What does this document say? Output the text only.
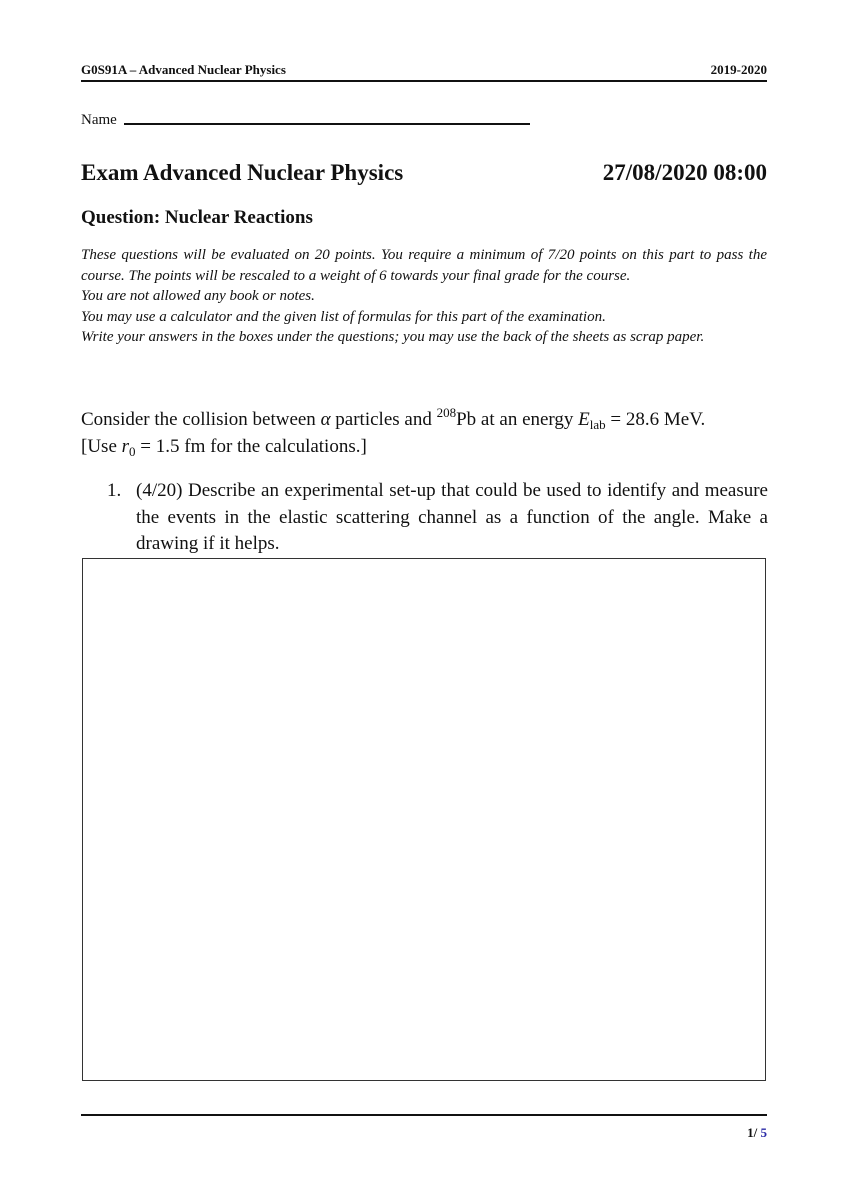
G0S91A – Advanced Nuclear Physics	2019-2020
Name
Exam Advanced Nuclear Physics	27/08/2020 08:00
Question: Nuclear Reactions

These questions will be evaluated on 20 points. You require a minimum of 7/20 points on this part to pass the course. The points will be rescaled to a weight of 6 towards your final grade for the course.

You are not allowed any book or notes.

You may use a calculator and the given list of formulas for this part of the examination.

Write your answers in the boxes under the questions; you may use the back of the sheets as scrap paper.

Consider the collision between α particles and $^{208}$Pb at an energy $E_{lab} = 28.6$ MeV.

[Use $r_0 = 1.5$ fm for the calculations.]

1. (4/20) Describe an experimental set-up that could be used to identify and measure the events in the elastic scattering channel as a function of the angle. Make a drawing if it helps.
1/ 5
